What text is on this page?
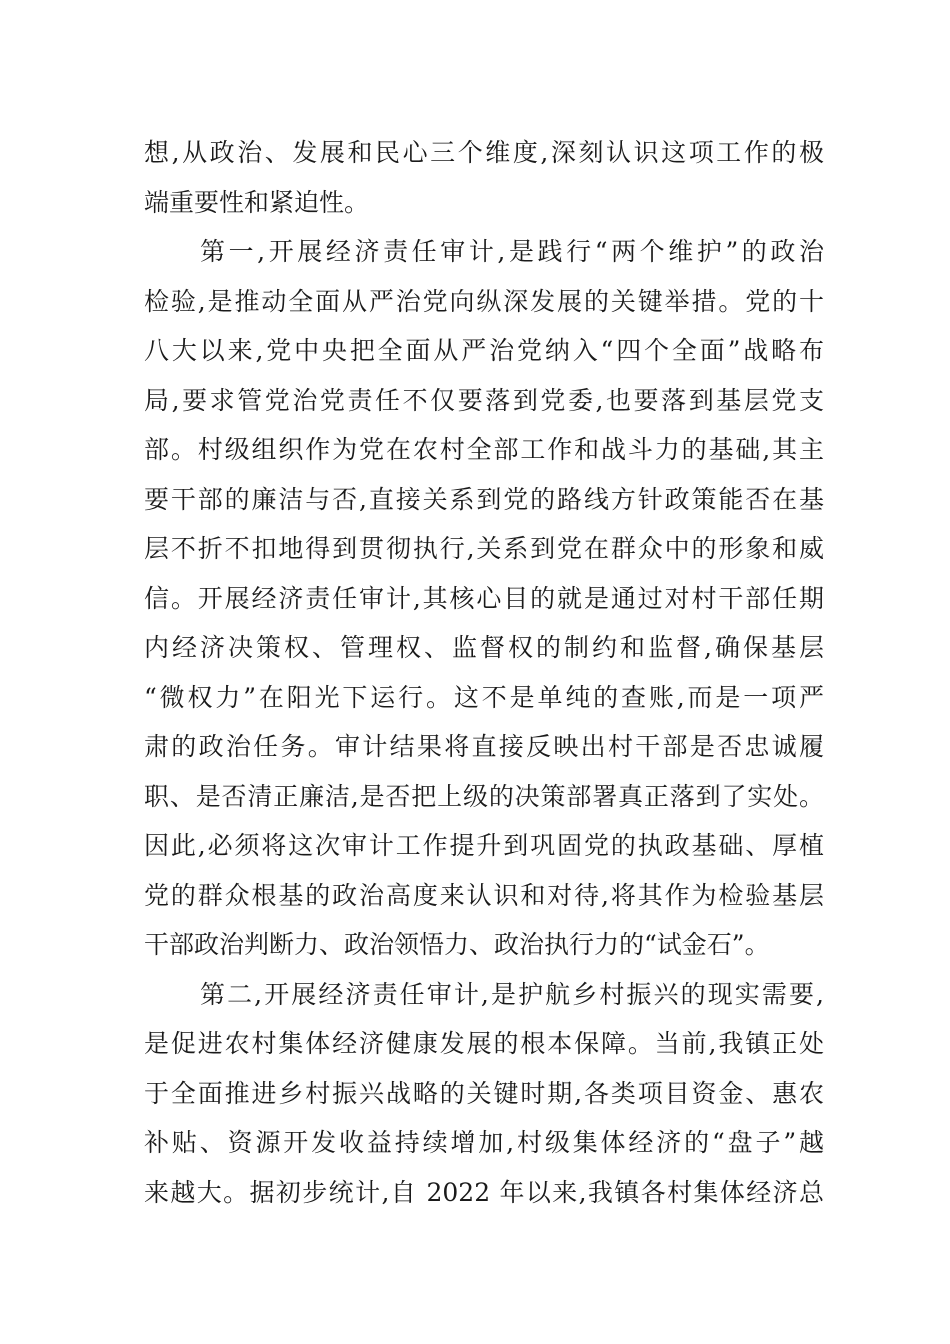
想,从政治、发展和民心三个维度,深刻认识这项工作的极
端重要性和紧迫性。
第一,开展经济责任审计,是践行“两个维护”的政治
检验,是推动全面从严治党向纵深发展的关键举措。党的十
八大以来,党中央把全面从严治党纳入“四个全面”战略布
局,要求管党治党责任不仅要落到党委,也要落到基层党支
部。村级组织作为党在农村全部工作和战斗力的基础,其主
要干部的廉洁与否,直接关系到党的路线方针政策能否在基
层不折不扣地得到贯彻执行,关系到党在群众中的形象和威
信。开展经济责任审计,其核心目的就是通过对村干部任期
内经济决策权、管理权、监督权的制约和监督,确保基层
“微权力”在阳光下运行。这不是单纯的查账,而是一项严
肃的政治任务。审计结果将直接反映出村干部是否忠诚履
职、是否清正廉洁,是否把上级的决策部署真正落到了实处。
因此,必须将这次审计工作提升到巩固党的执政基础、厚植
党的群众根基的政治高度来认识和对待,将其作为检验基层
干部政治判断力、政治领悟力、政治执行力的“试金石”。
第二,开展经济责任审计,是护航乡村振兴的现实需要,
是促进农村集体经济健康发展的根本保障。当前,我镇正处
于全面推进乡村振兴战略的关键时期,各类项目资金、惠农
补贴、资源开发收益持续增加,村级集体经济的“盘子”越
来越大。据初步统计,自 2022 年以来,我镇各村集体经济总
